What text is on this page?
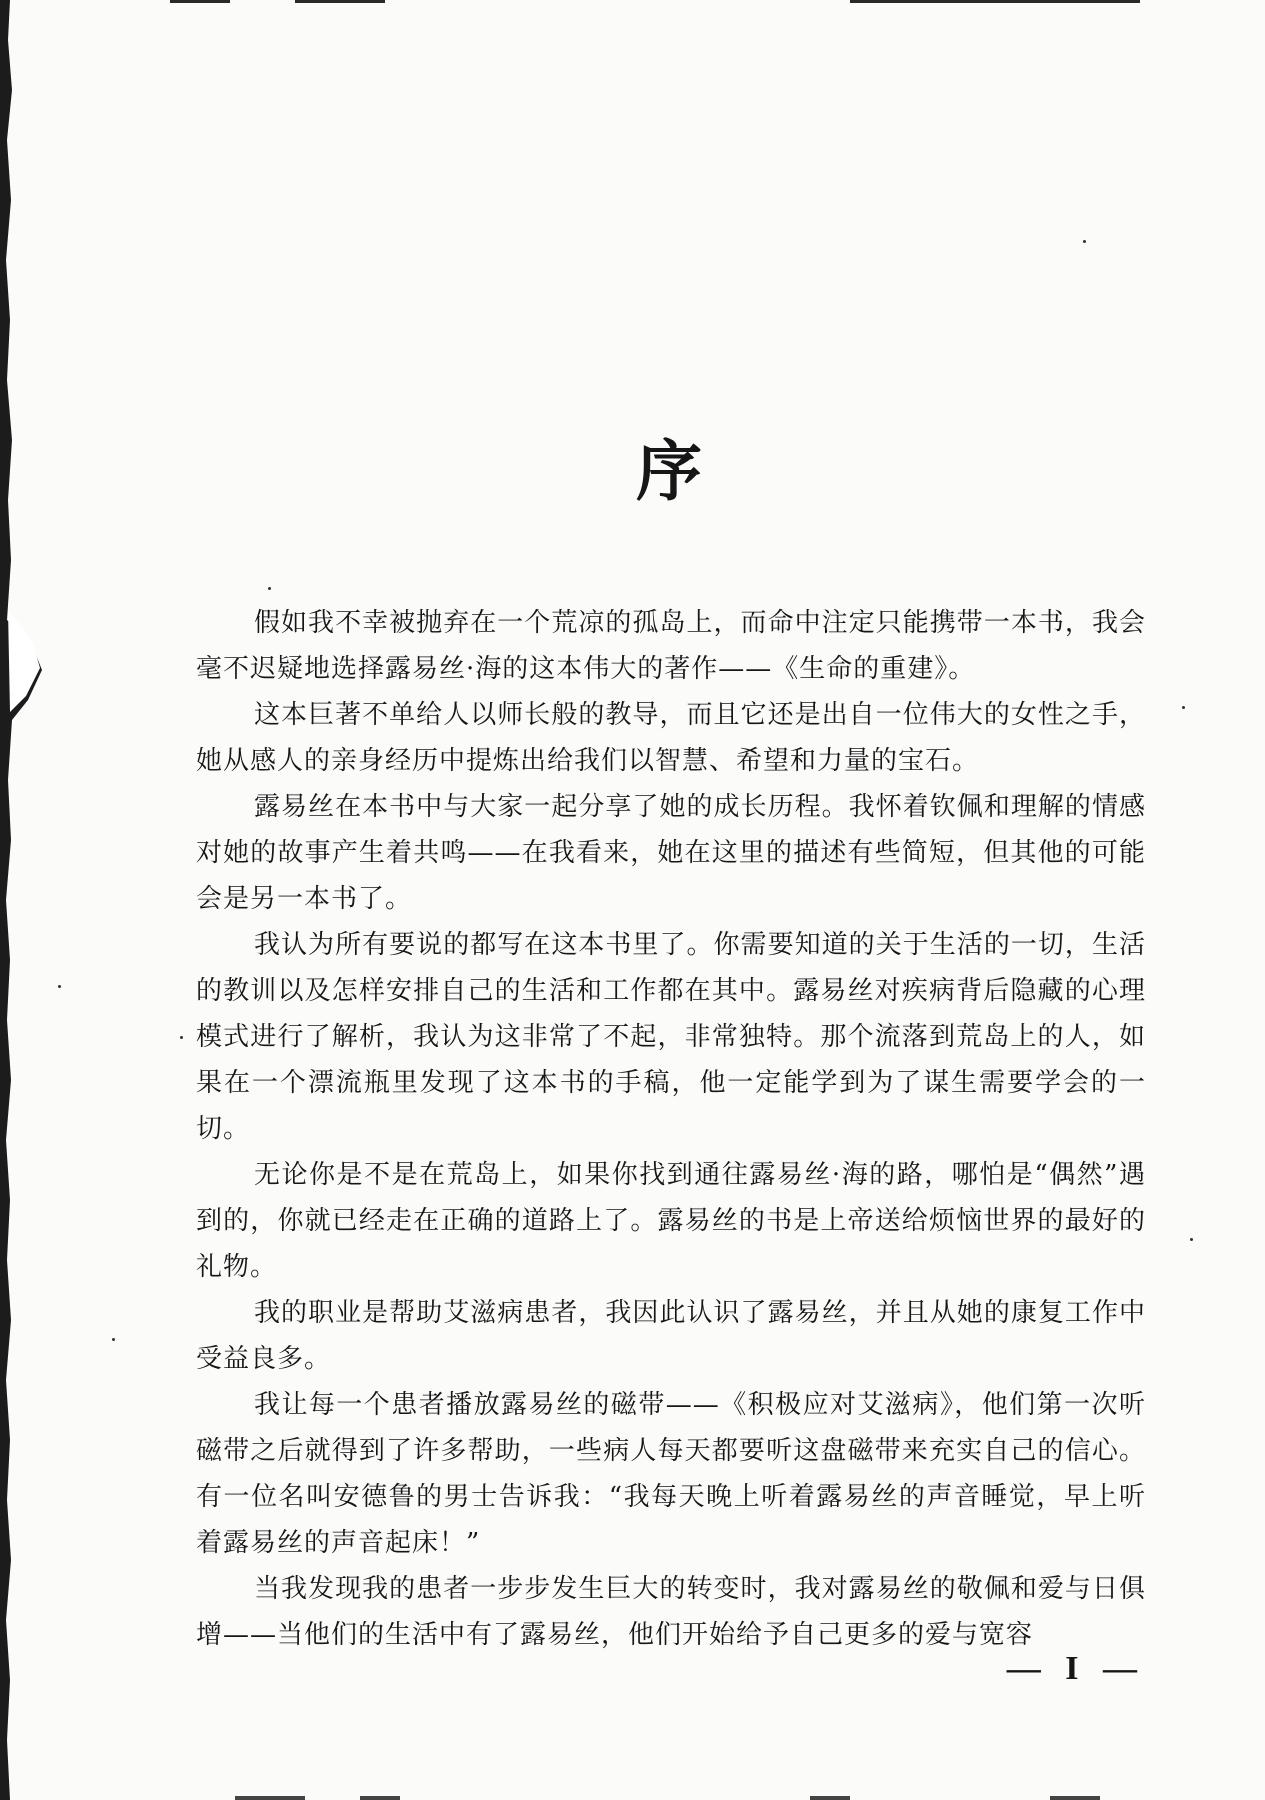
序

假如我不幸被抛弃在一个荒凉的孤岛上，而命中注定只能携带一本书，我会毫不迟疑地选择露易丝·海的这本伟大的著作——《生命的重建》。

这本巨著不单给人以师长般的教导，而且它还是出自一位伟大的女性之手，她从感人的亲身经历中提炼出给我们以智慧、希望和力量的宝石。

露易丝在本书中与大家一起分享了她的成长历程。我怀着钦佩和理解的情感对她的故事产生着共鸣——在我看来，她在这里的描述有些简短，但其他的可能会是另一本书了。

我认为所有要说的都写在这本书里了。你需要知道的关于生活的一切，生活的教训以及怎样安排自己的生活和工作都在其中。露易丝对疾病背后隐藏的心理模式进行了解析，我认为这非常了不起，非常独特。那个流落到荒岛上的人，如果在一个漂流瓶里发现了这本书的手稿，他一定能学到为了谋生需要学会的一切。

无论你是不是在荒岛上，如果你找到通往露易丝·海的路，哪怕是“偶然”遇到的，你就已经走在正确的道路上了。露易丝的书是上帝送给烦恼世界的最好的礼物。

我的职业是帮助艾滋病患者，我因此认识了露易丝，并且从她的康复工作中受益良多。

我让每一个患者播放露易丝的磁带——《积极应对艾滋病》，他们第一次听磁带之后就得到了许多帮助，一些病人每天都要听这盘磁带来充实自己的信心。有一位名叫安德鲁的男士告诉我：“我每天晚上听着露易丝的声音睡觉，早上听着露易丝的声音起床！”

当我发现我的患者一步步发生巨大的转变时，我对露易丝的敬佩和爱与日俱增——当他们的生活中有了露易丝，他们开始给予自己更多的爱与宽容

— I —
